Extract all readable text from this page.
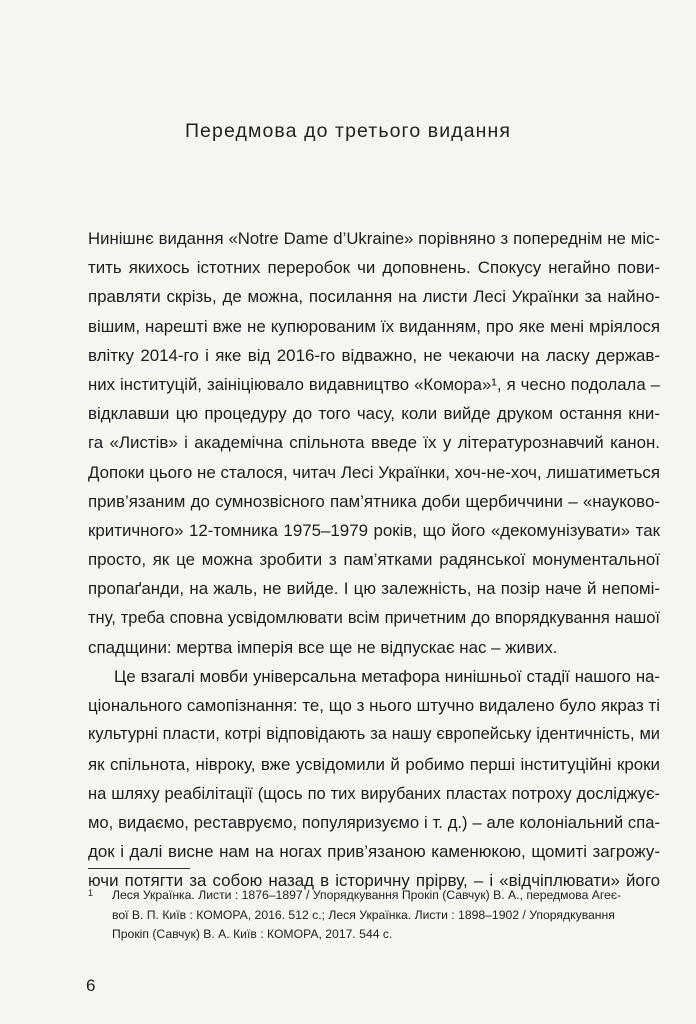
Передмова до третього видання
Нинішнє видання «Notre Dame d’Ukraine» порівняно з попереднім не міс-
тить якихось істотних переробок чи доповнень. Спокусу негайно пови-
правляти скрізь, де можна, посилання на листи Лесі Українки за найно-
вішим, нарешті вже не купюрованим їх виданням, про яке мені мріялося
влітку 2014-го і яке від 2016-го відважно, не чекаючи на ласку держав-
них інституцій, заініціювало видавництво «Комора»¹, я чесно подолала –
відклавши цю процедуру до того часу, коли вийде друком остання кни-
га «Листів» і академічна спільнота введе їх у літературознавчий канон.
Допоки цього не сталося, читач Лесі Українки, хоч-не-хоч, лишатиметься
прив’язаним до сумнозвісного пам’ятника доби щербиччини – «науково-
критичного» 12-томника 1975–1979 років, що його «декомунізувати» так
просто, як це можна зробити з пам’ятками радянської монументальної
пропаґанди, на жаль, не вийде. І цю залежність, на позір наче й непомі-
тну, треба сповна усвідомлювати всім причетним до впорядкування нашої
спадщини: мертва імперія все ще не відпускає нас – живих.
Це взагалі мовби універсальна метафора нинішньої стадії нашого на-
ціонального самопізнання: те, що з нього штучно видалено було якраз ті
культурні пласти, котрі відповідають за нашу європейську ідентичність, ми
як спільнота, нівроку, вже усвідомили й робимо перші інституційні кроки
на шляху реабілітації (щось по тих вирубаних пластах потроху досліджує-
мо, видаємо, реставруємо, популяризуємо і т. д.) – але колоніальний спа-
док і далі висне нам на ногах прив’язаною каменюкою, щомиті загрожу-
ючи потягти за собою назад в історичну прірву, – і «відчіплювати» його
1 Леся Українка. Листи : 1876–1897 / Упорядкування Прокіп (Савчук) В. А., передмова Агеє-
вої В. П. Київ : КОМОРА, 2016. 512 с.; Леся Українка. Листи : 1898–1902 / Упорядкування
Прокіп (Савчук) В. А. Київ : КОМОРА, 2017. 544 с.
6
